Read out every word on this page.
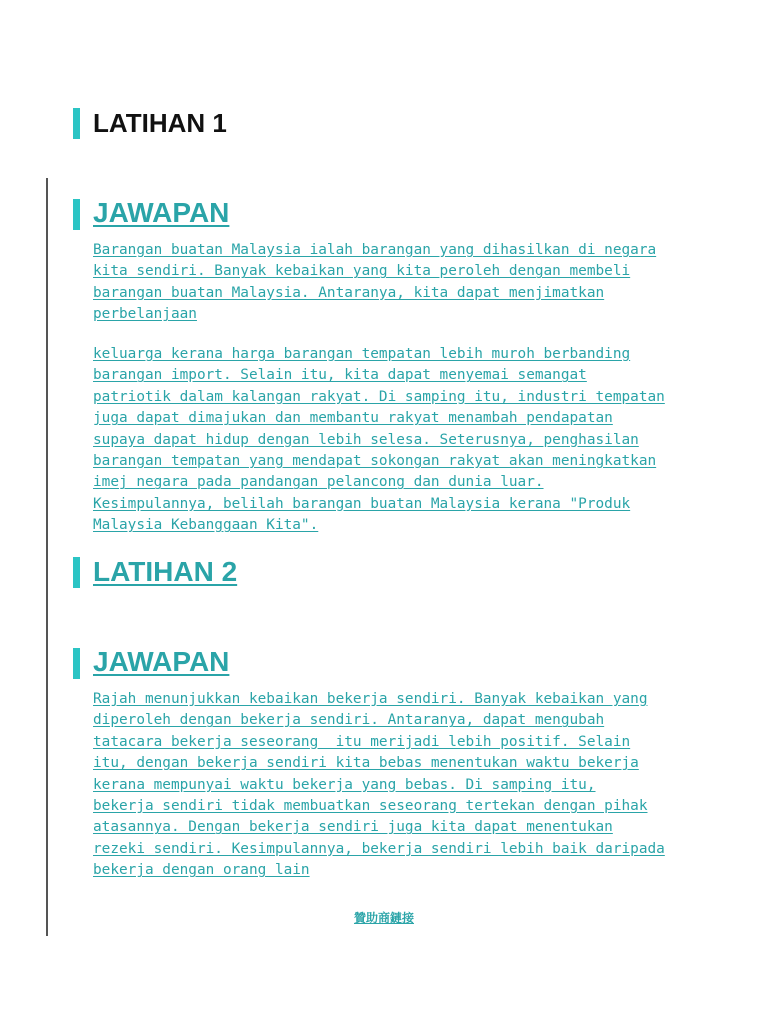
LATIHAN 1
JAWAPAN

Barangan buatan Malaysia ialah barangan yang dihasilkan di negara
kita sendiri. Banyak kebaikan yang kita peroleh dengan membeli
barangan buatan Malaysia. Antaranya, kita dapat menjimatkan
perbelanjaan

keluarga kerana harga barangan tempatan lebih muroh berbanding
barangan import. Selain itu, kita dapat menyemai semangat
patriotik dalam kalangan rakyat. Di samping itu, industri tempatan
juga dapat dimajukan dan membantu rakyat menambah pendapatan
supaya dapat hidup dengan lebih selesa. Seterusnya, penghasilan
barangan tempatan yang mendapat sokongan rakyat akan meningkatkan
imej negara pada pandangan pelancong dan dunia luar.
Kesimpulannya, belilah barangan buatan Malaysia kerana "Produk
Malaysia Kebanggaan Kita".

LATIHAN 2
JAWAPAN

Rajah menunjukkan kebaikan bekerja sendiri. Banyak kebaikan yang
diperoleh dengan bekerja sendiri. Antaranya, dapat mengubah
tatacara bekerja seseorang  itu merijadi lebih positif. Selain
itu, dengan bekerja sendiri kita bebas menentukan waktu bekerja
kerana mempunyai waktu bekerja yang bebas. Di samping itu,
bekerja sendiri tidak membuatkan seseorang tertekan dengan pihak
atasannya. Dengan bekerja sendiri juga kita dapat menentukan
rezeki sendiri. Kesimpulannya, bekerja sendiri lebih baik daripada
bekerja dengan orang lain

贊助商鏈接
